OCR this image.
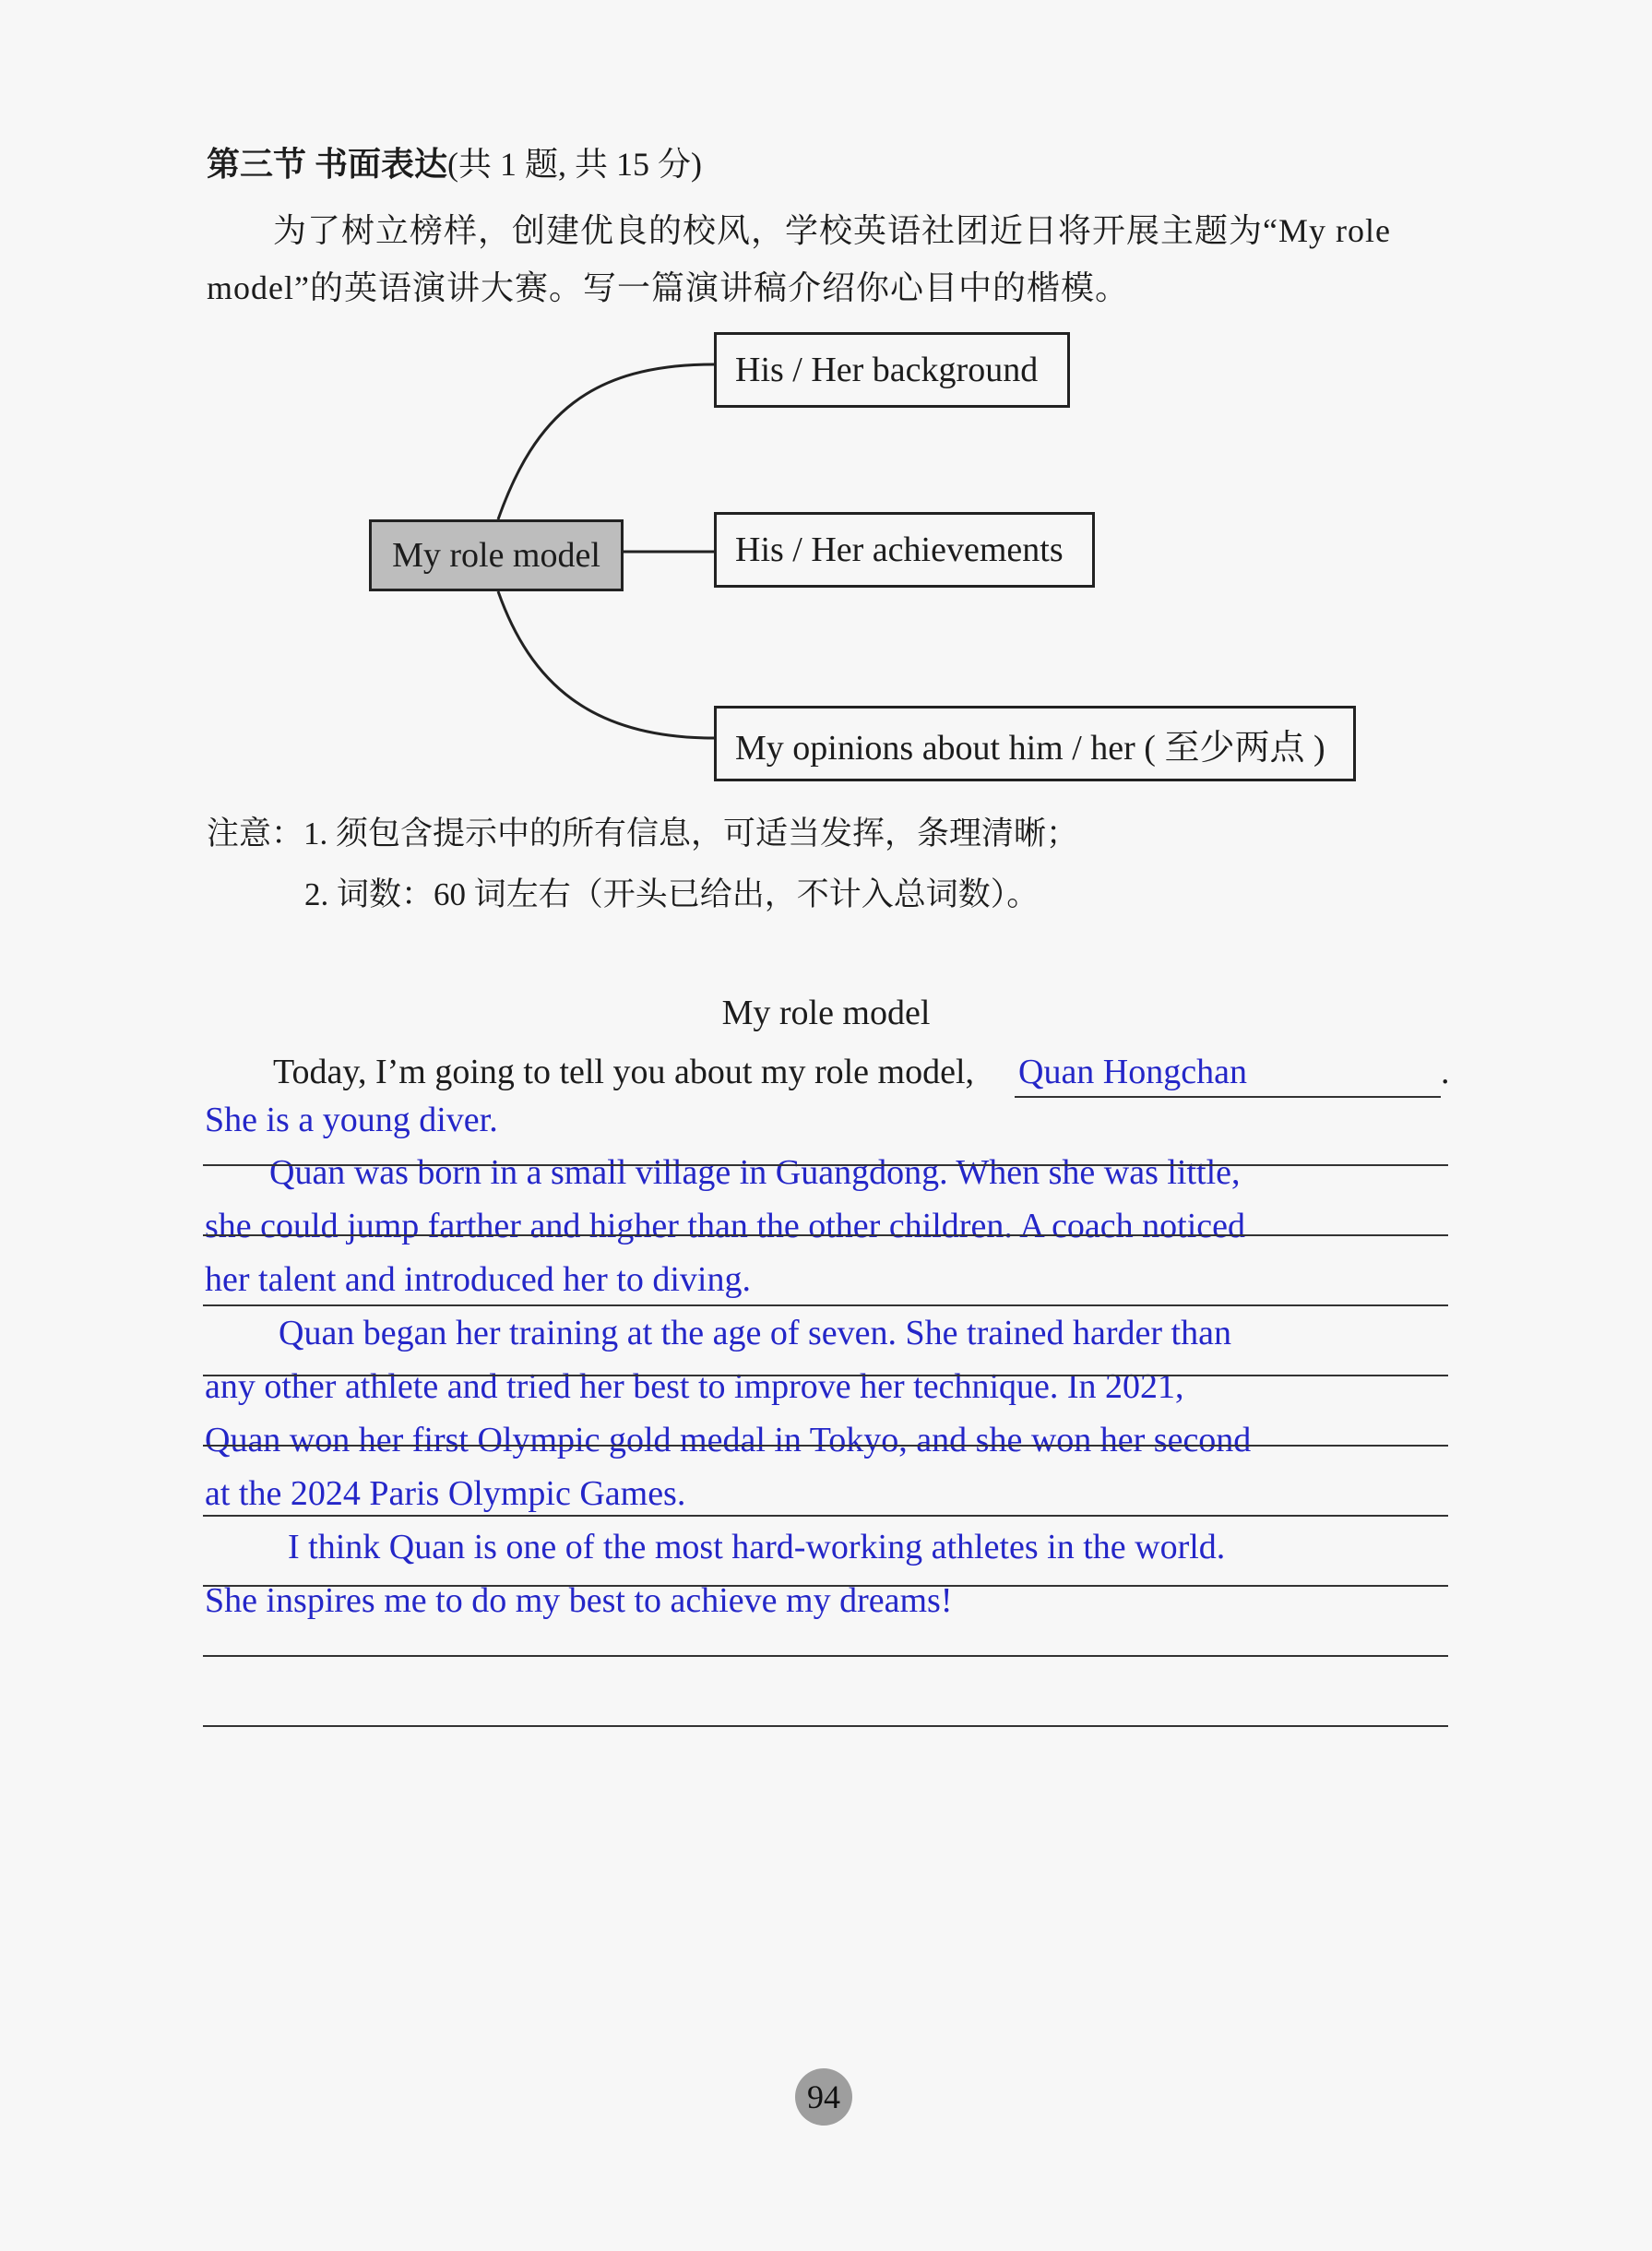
第三节 书面表达(共 1 题, 共 15 分)
为了树立榜样，创建优良的校风，学校英语社团近日将开展主题为“My role
model”的英语演讲大赛。写一篇演讲稿介绍你心目中的楷模。
My role model
His / Her background
His / Her achievements
My opinions about him / her ( 至少两点 )
注意：1. 须包含提示中的所有信息，可适当发挥，条理清晰；
2. 词数：60 词左右（开头已给出，不计入总词数）。
My role model
Today, I’m going to tell you about my role model, Quan Hongchan	.
She is a young diver.
Quan was born in a small village in Guangdong. When she was little,
she could jump farther and higher than the other children. A coach noticed
her talent and introduced her to diving.
Quan began her training at the age of seven. She trained harder than
any other athlete and tried her best to improve her technique. In 2021,
Quan won her first Olympic gold medal in Tokyo, and she won her second
at the 2024 Paris Olympic Games.
I think Quan is one of the most hard-working athletes in the world.
She inspires me to do my best to achieve my dreams!
94
